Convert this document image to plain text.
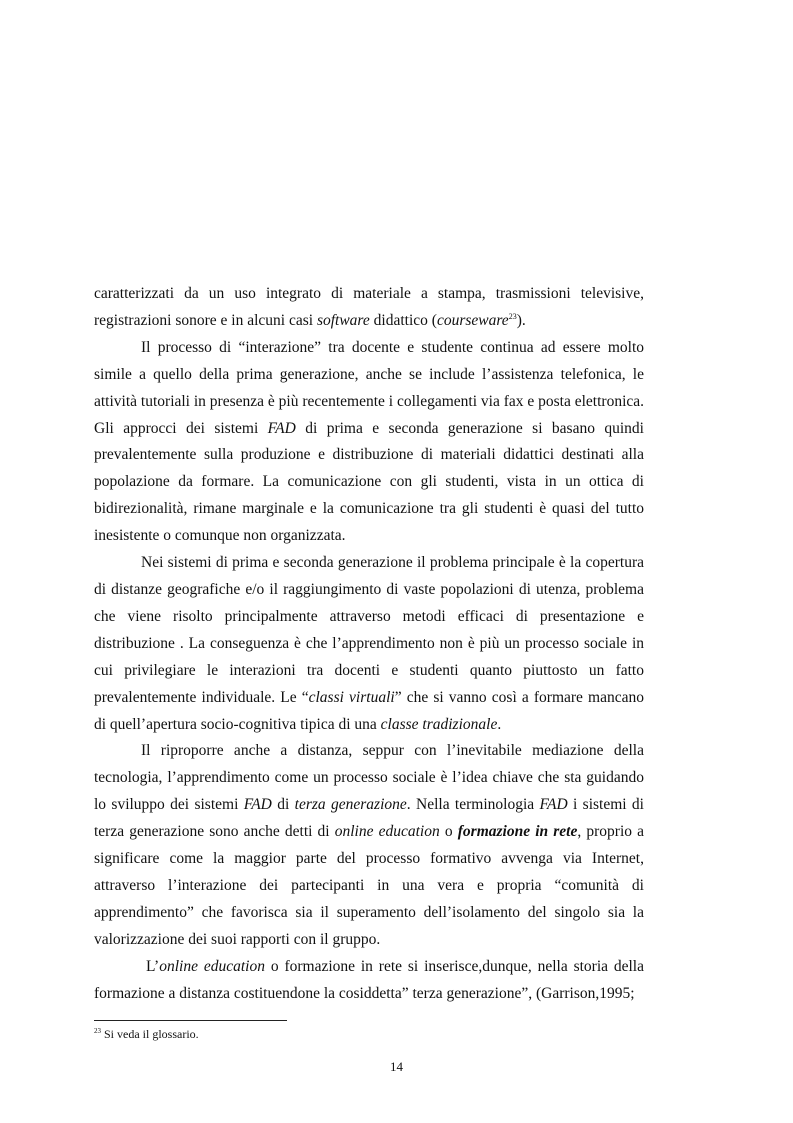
caratterizzati da un uso integrato di materiale a stampa, trasmissioni televisive, registrazioni sonore e in alcuni casi software didattico (courseware$^{23}$).

Il processo di “interazione” tra docente e studente continua ad essere molto simile a quello della prima generazione, anche se include l’assistenza telefonica, le attività tutoriali in presenza è più recentemente i collegamenti via fax e posta elettronica. Gli approcci dei sistemi FAD di prima e seconda generazione si basano quindi prevalentemente sulla produzione e distribuzione di materiali didattici destinati alla popolazione da formare. La comunicazione con gli studenti, vista in un ottica di bidirezionalità, rimane marginale e la comunicazione tra gli studenti è quasi del tutto inesistente o comunque non organizzata.

Nei sistemi di prima e seconda generazione il problema principale è la copertura di distanze geografiche e/o il raggiungimento di vaste popolazioni di utenza, problema che viene risolto principalmente attraverso metodi efficaci di presentazione e distribuzione . La conseguenza è che l’apprendimento non è più un processo sociale in cui privilegiare le interazioni tra docenti e studenti quanto piuttosto un fatto prevalentemente individuale. Le “classi virtuali” che si vanno così a formare mancano di quell’apertura socio-cognitiva tipica di una classe tradizionale.

Il riproporre anche a distanza, seppur con l’inevitabile mediazione della tecnologia, l’apprendimento come un processo sociale è l’idea chiave che sta guidando lo sviluppo dei sistemi FAD di terza generazione. Nella terminologia FAD i sistemi di terza generazione sono anche detti di online education o formazione in rete, proprio a significare come la maggior parte del processo formativo avvenga via Internet, attraverso l’interazione dei partecipanti in una vera e propria “comunità di apprendimento” che favorisca sia il superamento dell’isolamento del singolo sia la valorizzazione dei suoi rapporti con il gruppo.

L’online education o formazione in rete si inserisce,dunque, nella storia della formazione a distanza costituendone la cosiddetta” terza generazione”, (Garrison,1995;

$^{23}$ Si veda il glossario.
14
